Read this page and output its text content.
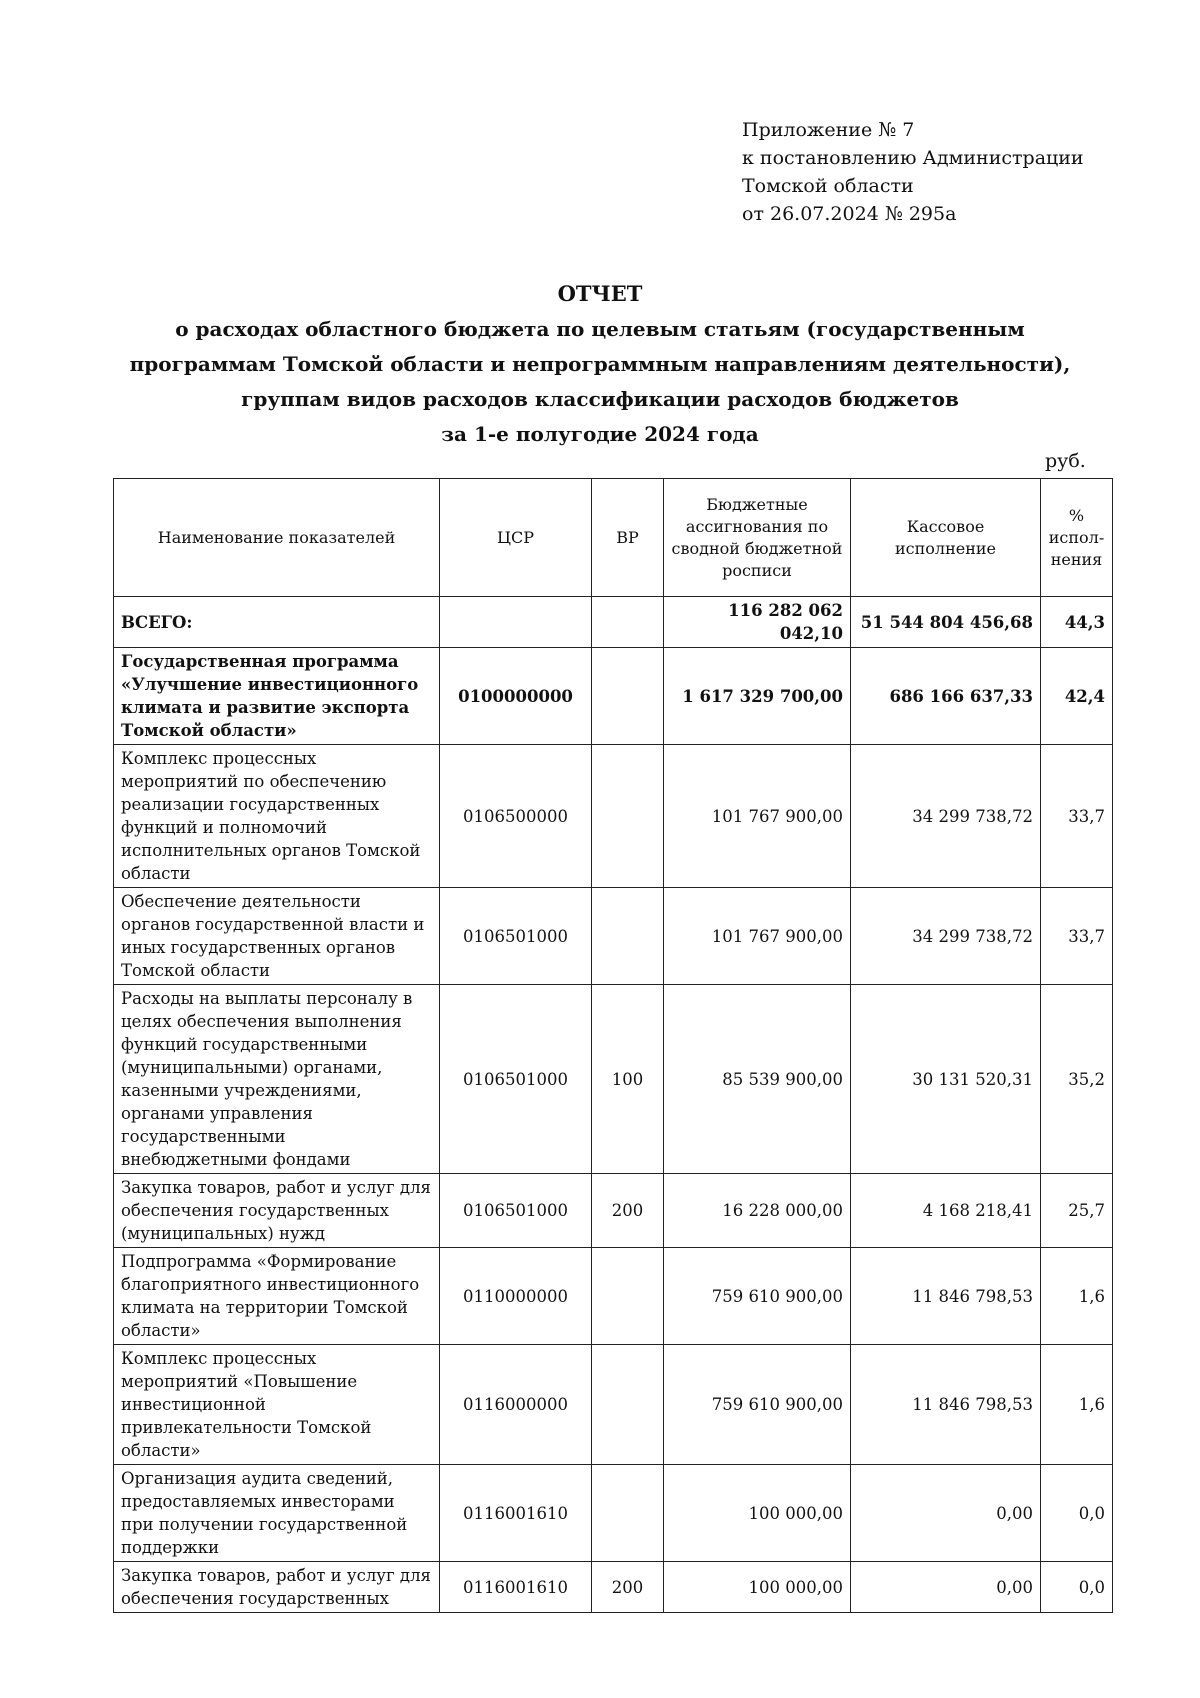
Приложение № 7
к постановлению Администрации
Томской области
от 26.07.2024 № 295а
ОТЧЕТ
о расходах областного бюджета по целевым статьям (государственным
программам Томской области и непрограммным направлениям деятельности),
группам видов расходов классификации расходов бюджетов
за 1-е полугодие 2024 года
руб.
Наименование показателей	ЦСР	ВР	Бюджетные ассигнования по сводной бюджетной росписи	Кассовое исполнение	% испол-нения
ВСЕГО:			116 282 062 042,10	51 544 804 456,68	44,3
Государственная программа «Улучшение инвестиционного климата и развитие экспорта Томской области»	0100000000		1 617 329 700,00	686 166 637,33	42,4
Комплекс процессных мероприятий по обеспечению реализации государственных функций и полномочий исполнительных органов Томской области	0106500000		101 767 900,00	34 299 738,72	33,7
Обеспечение деятельности органов государственной власти и иных государственных органов Томской области	0106501000		101 767 900,00	34 299 738,72	33,7
Расходы на выплаты персоналу в целях обеспечения выполнения функций государственными (муниципальными) органами, казенными учреждениями, органами управления государственными внебюджетными фондами	0106501000	100	85 539 900,00	30 131 520,31	35,2
Закупка товаров, работ и услуг для обеспечения государственных (муниципальных) нужд	0106501000	200	16 228 000,00	4 168 218,41	25,7
Подпрограмма «Формирование благоприятного инвестиционного климата на территории Томской области»	0110000000		759 610 900,00	11 846 798,53	1,6
Комплекс процессных мероприятий «Повышение инвестиционной привлекательности Томской области»	0116000000		759 610 900,00	11 846 798,53	1,6
Организация аудита сведений, предоставляемых инвесторами при получении государственной поддержки	0116001610		100 000,00	0,00	0,0
Закупка товаров, работ и услуг для обеспечения государственных	0116001610	200	100 000,00	0,00	0,0
